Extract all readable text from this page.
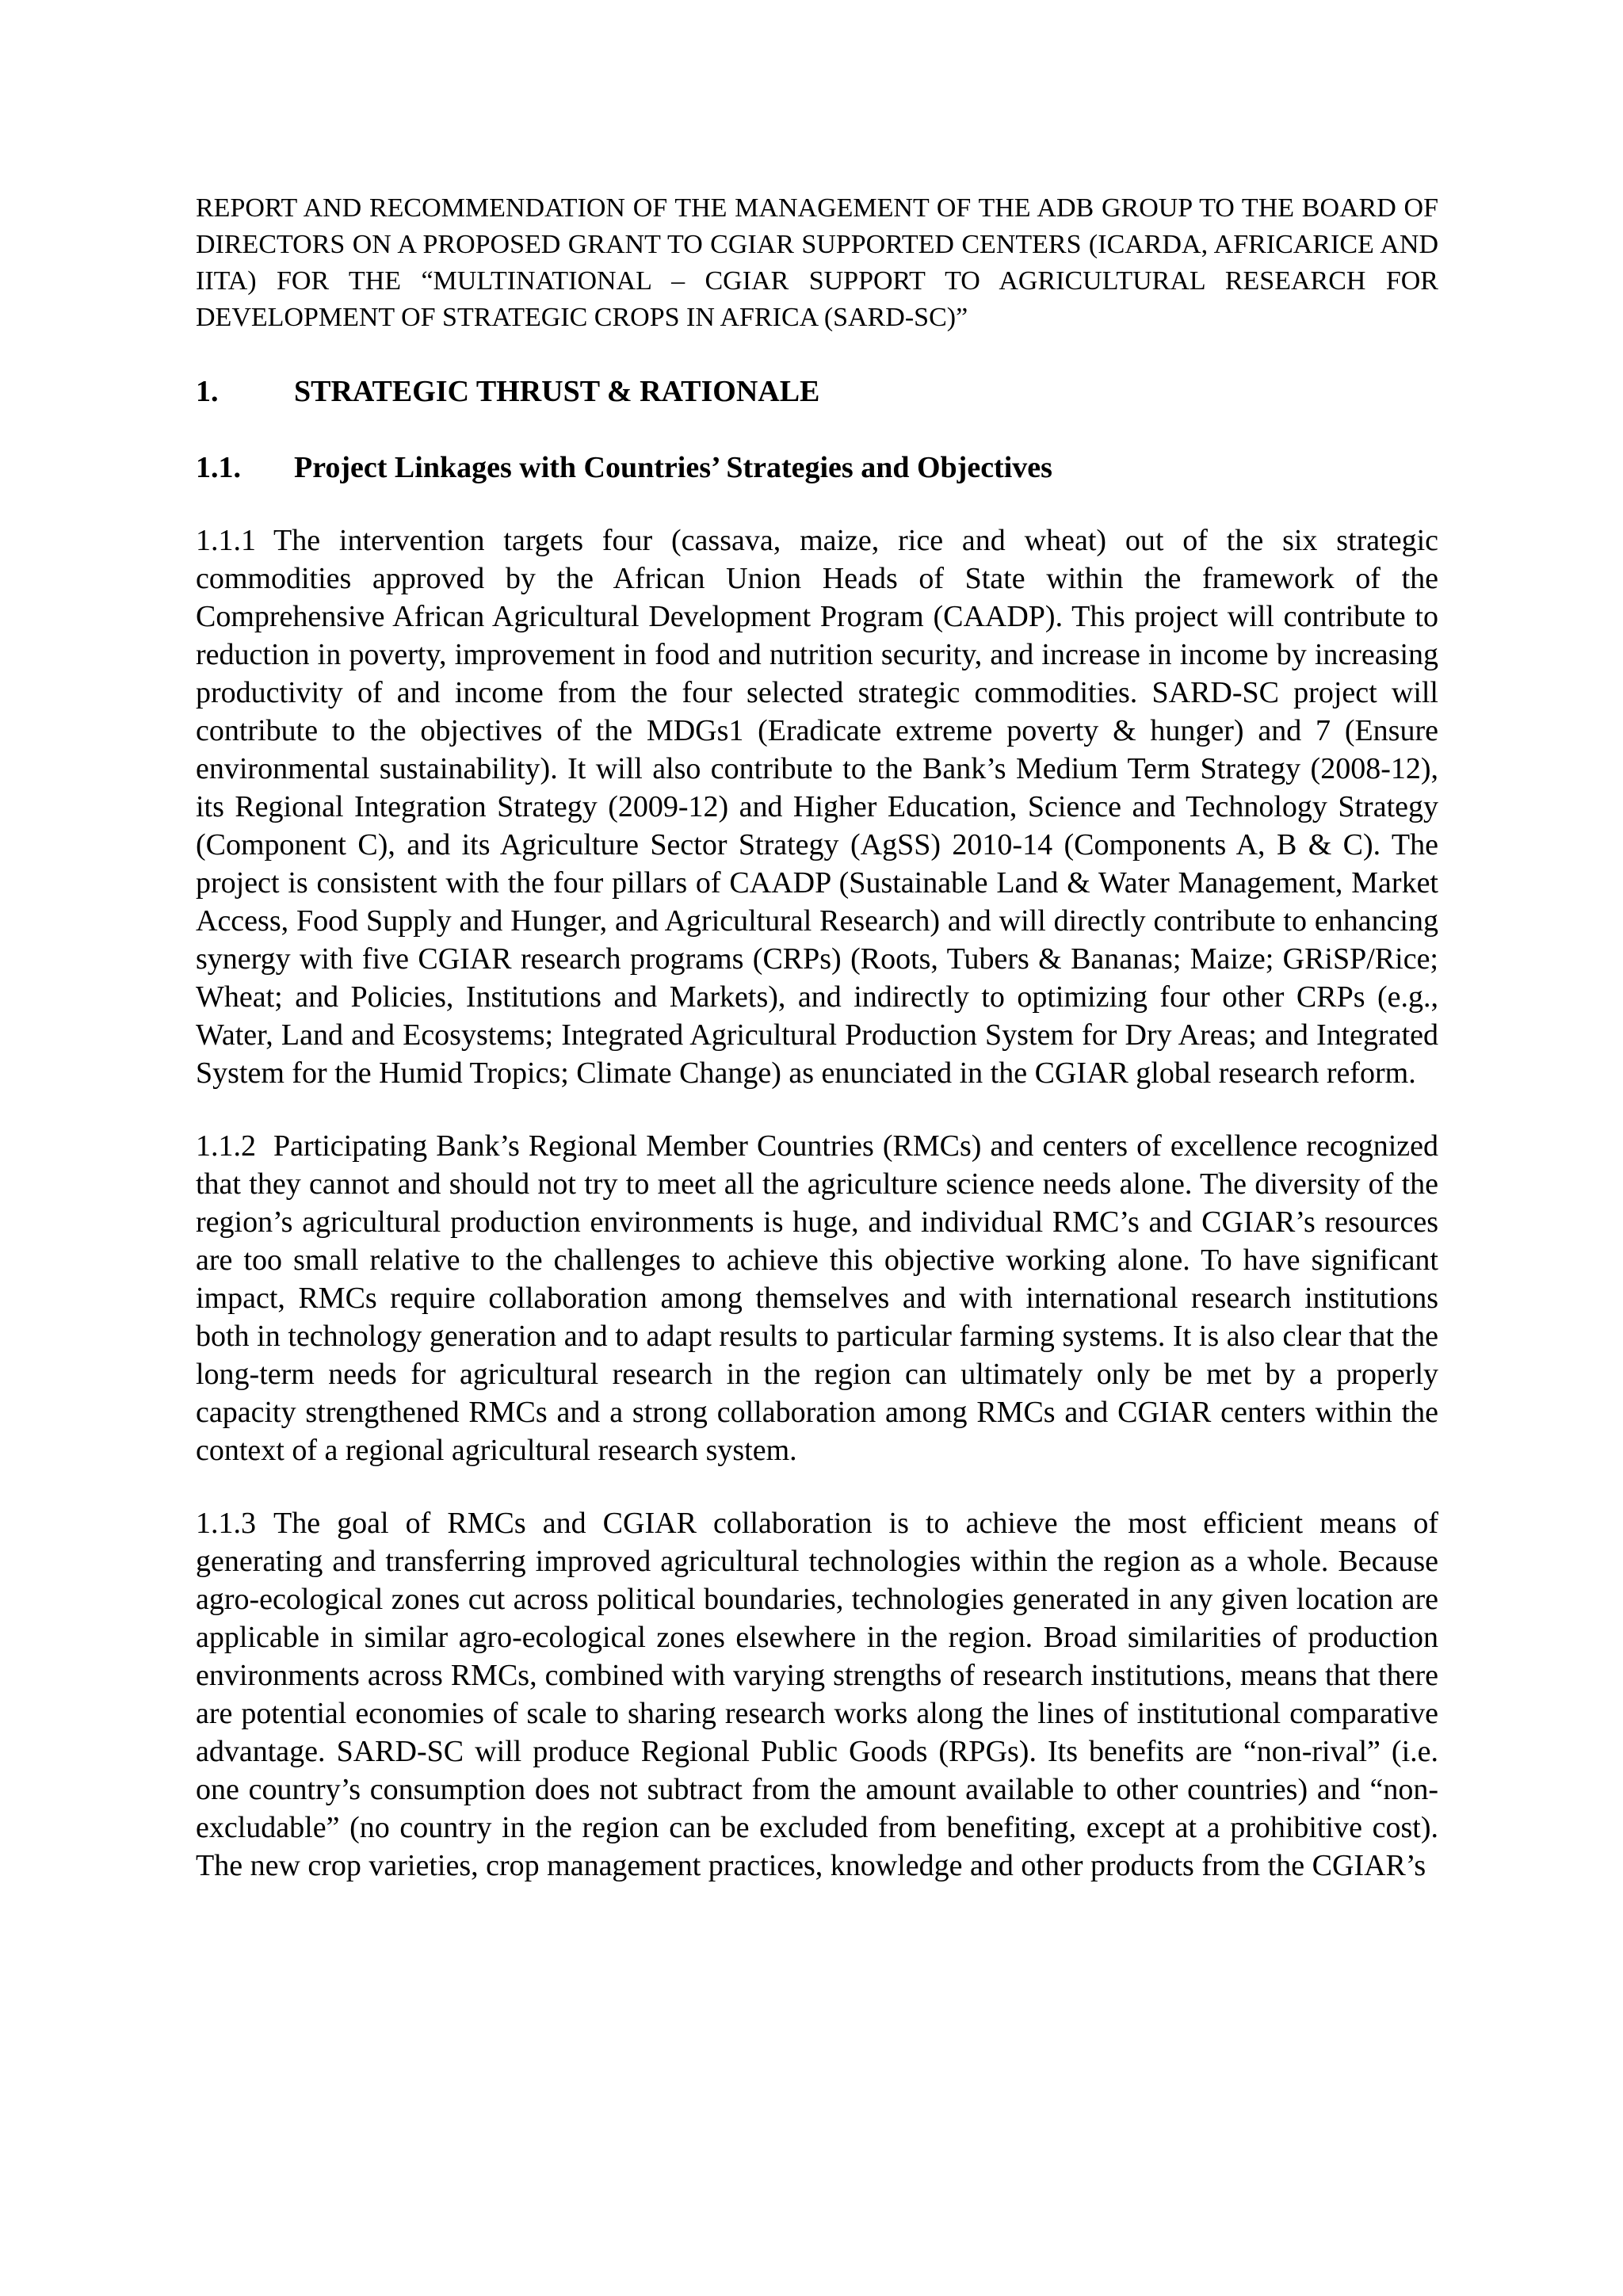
REPORT AND RECOMMENDATION OF THE MANAGEMENT OF THE ADB GROUP TO THE BOARD OF DIRECTORS ON A PROPOSED GRANT TO CGIAR SUPPORTED CENTERS (ICARDA, AFRICARICE AND IITA) FOR THE “MULTINATIONAL – CGIAR SUPPORT TO AGRICULTURAL RESEARCH FOR DEVELOPMENT OF STRATEGIC CROPS IN AFRICA (SARD-SC)”

1.	STRATEGIC THRUST & RATIONALE
1.1.	Project Linkages with Countries’ Strategies and Objectives

1.1.1 The intervention targets four (cassava, maize, rice and wheat) out of the six strategic commodities approved by the African Union Heads of State within the framework of the Comprehensive African Agricultural Development Program (CAADP). This project will contribute to reduction in poverty, improvement in food and nutrition security, and increase in income by increasing productivity of and income from the four selected strategic commodities. SARD-SC project will contribute to the objectives of the MDGs1 (Eradicate extreme poverty & hunger) and 7 (Ensure environmental sustainability). It will also contribute to the Bank’s Medium Term Strategy (2008-12), its Regional Integration Strategy (2009-12) and Higher Education, Science and Technology Strategy (Component C), and its Agriculture Sector Strategy (AgSS) 2010-14 (Components A, B & C). The project is consistent with the four pillars of CAADP (Sustainable Land & Water Management, Market Access, Food Supply and Hunger, and Agricultural Research) and will directly contribute to enhancing synergy with five CGIAR research programs (CRPs) (Roots, Tubers & Bananas; Maize; GRiSP/Rice; Wheat; and Policies, Institutions and Markets), and indirectly to optimizing four other CRPs (e.g., Water, Land and Ecosystems; Integrated Agricultural Production System for Dry Areas; and Integrated System for the Humid Tropics; Climate Change) as enunciated in the CGIAR global research reform.

1.1.2 Participating Bank’s Regional Member Countries (RMCs) and centers of excellence recognized that they cannot and should not try to meet all the agriculture science needs alone. The diversity of the region’s agricultural production environments is huge, and individual RMC’s and CGIAR’s resources are too small relative to the challenges to achieve this objective working alone. To have significant impact, RMCs require collaboration among themselves and with international research institutions both in technology generation and to adapt results to particular farming systems. It is also clear that the long-term needs for agricultural research in the region can ultimately only be met by a properly capacity strengthened RMCs and a strong collaboration among RMCs and CGIAR centers within the context of a regional agricultural research system.

1.1.3 The goal of RMCs and CGIAR collaboration is to achieve the most efficient means of generating and transferring improved agricultural technologies within the region as a whole. Because agro-ecological zones cut across political boundaries, technologies generated in any given location are applicable in similar agro-ecological zones elsewhere in the region. Broad similarities of production environments across RMCs, combined with varying strengths of research institutions, means that there are potential economies of scale to sharing research works along the lines of institutional comparative advantage. SARD-SC will produce Regional Public Goods (RPGs). Its benefits are “non-rival” (i.e. one country’s consumption does not subtract from the amount available to other countries) and “non-excludable” (no country in the region can be excluded from benefiting, except at a prohibitive cost). The new crop varieties, crop management practices, knowledge and other products from the CGIAR’s
